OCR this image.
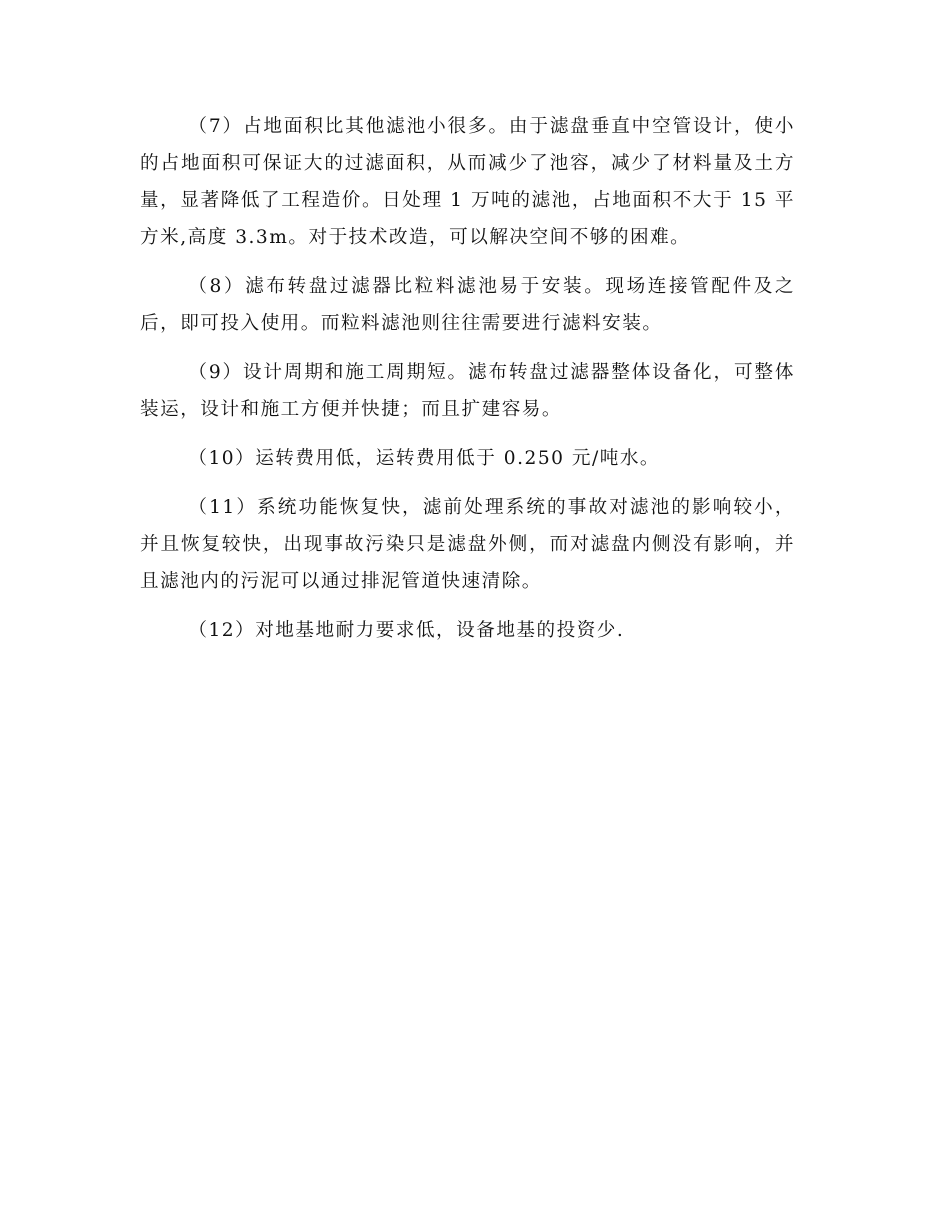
（7）占地面积比其他滤池小很多。由于滤盘垂直中空管设计，使小的占地面积可保证大的过滤面积，从而减少了池容，减少了材料量及土方量，显著降低了工程造价。日处理 1 万吨的滤池，占地面积不大于 15 平方米,高度 3.3m。对于技术改造，可以解决空间不够的困难。

（8）滤布转盘过滤器比粒料滤池易于安装。现场连接管配件及之后，即可投入使用。而粒料滤池则往往需要进行滤料安装。

（9）设计周期和施工周期短。滤布转盘过滤器整体设备化，可整体装运，设计和施工方便并快捷；而且扩建容易。

（10）运转费用低，运转费用低于 0.250 元/吨水。

（11）系统功能恢复快，滤前处理系统的事故对滤池的影响较小，并且恢复较快，出现事故污染只是滤盘外侧，而对滤盘内侧没有影响，并且滤池内的污泥可以通过排泥管道快速清除。

（12）对地基地耐力要求低，设备地基的投资少.
